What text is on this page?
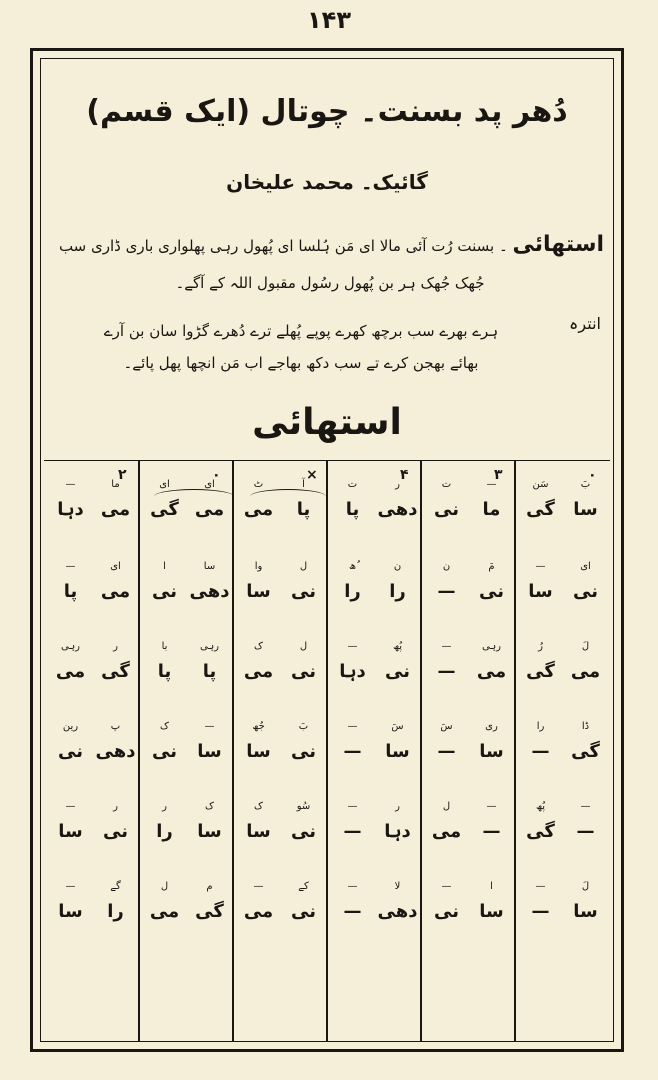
۱۴۳
دُھر پد بسنت۔ چوتال (ایک قسم)
گائیک۔ محمد علیخان
استھائی ۔ بسنت رُت آئی مالا ای مَن ہُلسا ای پُھول رہی پھلواری باری ڈاری سب
جُھک جُھک ہر بن پُھول رسُول مقبول اللہ کے آگے۔
انترہ
ہرے بھرے سب برچھ کھرے پوپے پُھلے ترے دُھرے گڑوا سان بن آرے
بھائے بھجن کرے تے سب دکھ بھاجے اب مَن انچھا پھل پائے۔
استھائی
۰
سا
بَ
گی
سَن
نی
ای
سا
—
می
لَ
گی
رُ
گی
ڈا
—
را
—
—
گی
پُھ
سا
لَ
—
—
۳
ما
—
نی
ت
نی
مَ
—
ن
می
رہی
—
—
سا
ری
—
سَ
—
—
می
ل
سا
ا
نی
—
۴
دھی
ر
پا
ت
را
ن
را
ُھ
نی
پُھ
دہا
—
سا
سَ
—
—
دہا
ر
—
—
دھی
لا
—
—
×
پا
آ
می
ٹ
نی
ل
سا
وا
نی
ل
می
ک
نی
بَ
سا
جُھ
نی
سُو
سا
ک
نی
کے
می
—
۰
می
ای
گی
ای
دھی
سا
نی
ا
پا
رہی
پا
با
سا
—
نی
ک
سا
ک
را
ر
گی
م
می
ل
۲
می
ما
دہا
—
می
ای
پا
—
گی
ر
می
رہی
دھی
پ
نی
رین
نی
ر
سا
—
را
گے
سا
—
